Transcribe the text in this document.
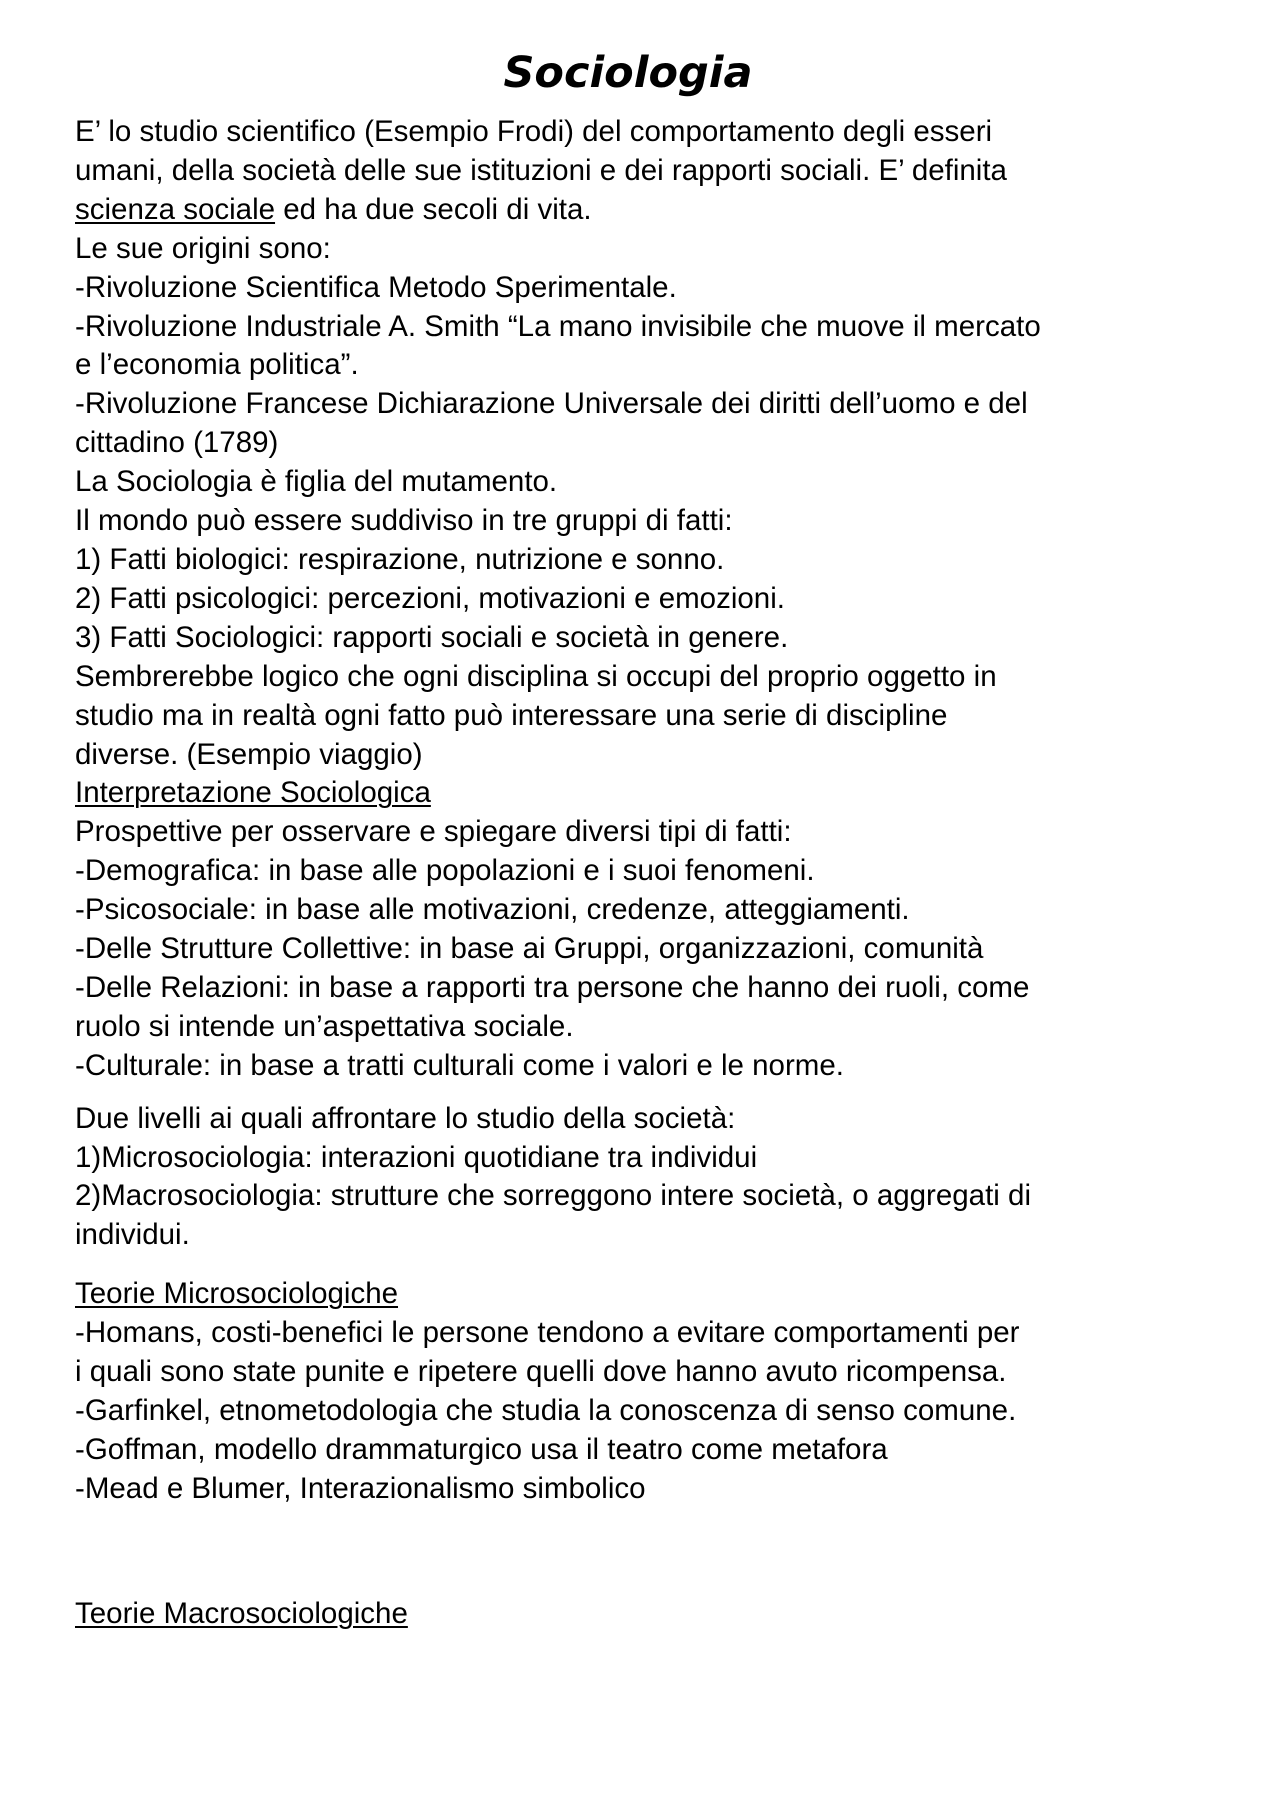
Sociologia

E’ lo studio scientifico (Esempio Frodi) del comportamento degli esseri

umani, della società delle sue istituzioni e dei rapporti sociali. E’ definita

scienza sociale ed ha due secoli di vita.

Le sue origini sono:

-Rivoluzione Scientifica Metodo Sperimentale.

-Rivoluzione Industriale A. Smith “La mano invisibile che muove il mercato

e l’economia politica”.

-Rivoluzione Francese Dichiarazione Universale dei diritti dell’uomo e del

cittadino (1789)

La Sociologia è figlia del mutamento.

Il mondo può essere suddiviso in tre gruppi di fatti:

1) Fatti biologici: respirazione, nutrizione e sonno.

2) Fatti psicologici: percezioni, motivazioni e emozioni.

3) Fatti Sociologici: rapporti sociali e società in genere.

Sembrerebbe logico che ogni disciplina si occupi del proprio oggetto in

studio ma in realtà ogni fatto può interessare una serie di discipline

diverse. (Esempio viaggio)

Interpretazione Sociologica

Prospettive per osservare e spiegare diversi tipi di fatti:

-Demografica: in base alle popolazioni e i suoi fenomeni.

-Psicosociale: in base alle motivazioni, credenze, atteggiamenti.

-Delle Strutture Collettive: in base ai Gruppi, organizzazioni, comunità

-Delle Relazioni: in base a rapporti tra persone che hanno dei ruoli, come

ruolo si intende un’aspettativa sociale.

-Culturale: in base a tratti culturali come i valori e le norme.

Due livelli ai quali affrontare lo studio della società:

1)Microsociologia: interazioni quotidiane tra individui

2)Macrosociologia: strutture che sorreggono intere società, o aggregati di

individui.

Teorie Microsociologiche

-Homans, costi-benefici le persone tendono a evitare comportamenti per

i quali sono state punite e ripetere quelli dove hanno avuto ricompensa.

-Garfinkel, etnometodologia che studia la conoscenza di senso comune.

-Goffman, modello drammaturgico usa il teatro come metafora

-Mead e Blumer, Interazionalismo simbolico

Teorie Macrosociologiche
